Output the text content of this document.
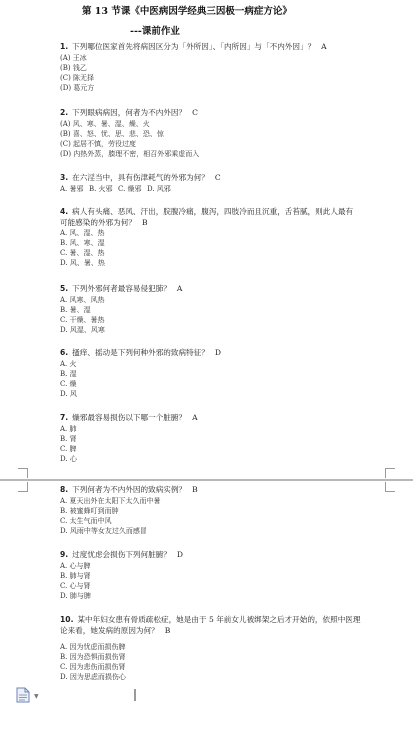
第 13 节课《中医病因学经典三因极一病症方论》
---课前作业
1. 下列哪位医家首先将病因区分为「外所因」、「内所因」与「不内外因」？ A
(A) 王冰
(B) 钱乙
(C) 陈无择
(D) 葛元方
2. 下列眼病病因，何者为不内外因？ C
(A) 风、寒、暑、湿、燥、火
(B) 喜、怒、忧、思、悲、恐、惊
(C) 起居不慎，劳役过度
(D) 内热外蒸，腠理不密，相召外邪乘虚而入
3. 在六淫当中，具有伤津耗气的外邪为何？ C
A. 暑邪 B. 火邪 C. 燥邪 D. 风邪
4. 病人有头痛、恶风、汗出，脘腹冷痛，腹泻，四肢冷而且沉重，舌苔腻，则此人最有可能感染的外邪为何？ B
A. 风、湿、热
B. 风、寒、湿
C. 暑、湿、热
D. 风、暑、热
5. 下列外邪何者最容易侵犯肺？ A
A. 风寒、风热
B. 暑、湿
C. 干燥、暑热
D. 风湿、风寒
6. 搔痒、摇动是下列何种外邪的致病特征？ D
A. 火
B. 湿
C. 燥
D. 风
7. 燥邪最容易损伤以下哪一个脏腑？ A
A. 肺
B. 肾
C. 脾
D. 心
8. 下列何者为不内外因的致病实例？ B
A. 夏天出外在太阳下太久而中暑
B. 被蜜蜂叮到而肿
C. 太生气而中风
D. 风雨中等女友过久而感冒
9. 过度忧虑会损伤下列何脏腑？ D
A. 心与脾
B. 肺与肾
C. 心与肾
D. 肺与脾
10. 某中年妇女患有骨质疏松症，她是由于 5 年前女儿被绑架之后才开始的，依照中医理论来看，她发病的原因为何？ B
A. 因为忧虑而损伤脾
B. 因为恐惧而损伤肾
C. 因为悲伤而损伤肾
D. 因为思虑而损伤心
▼
